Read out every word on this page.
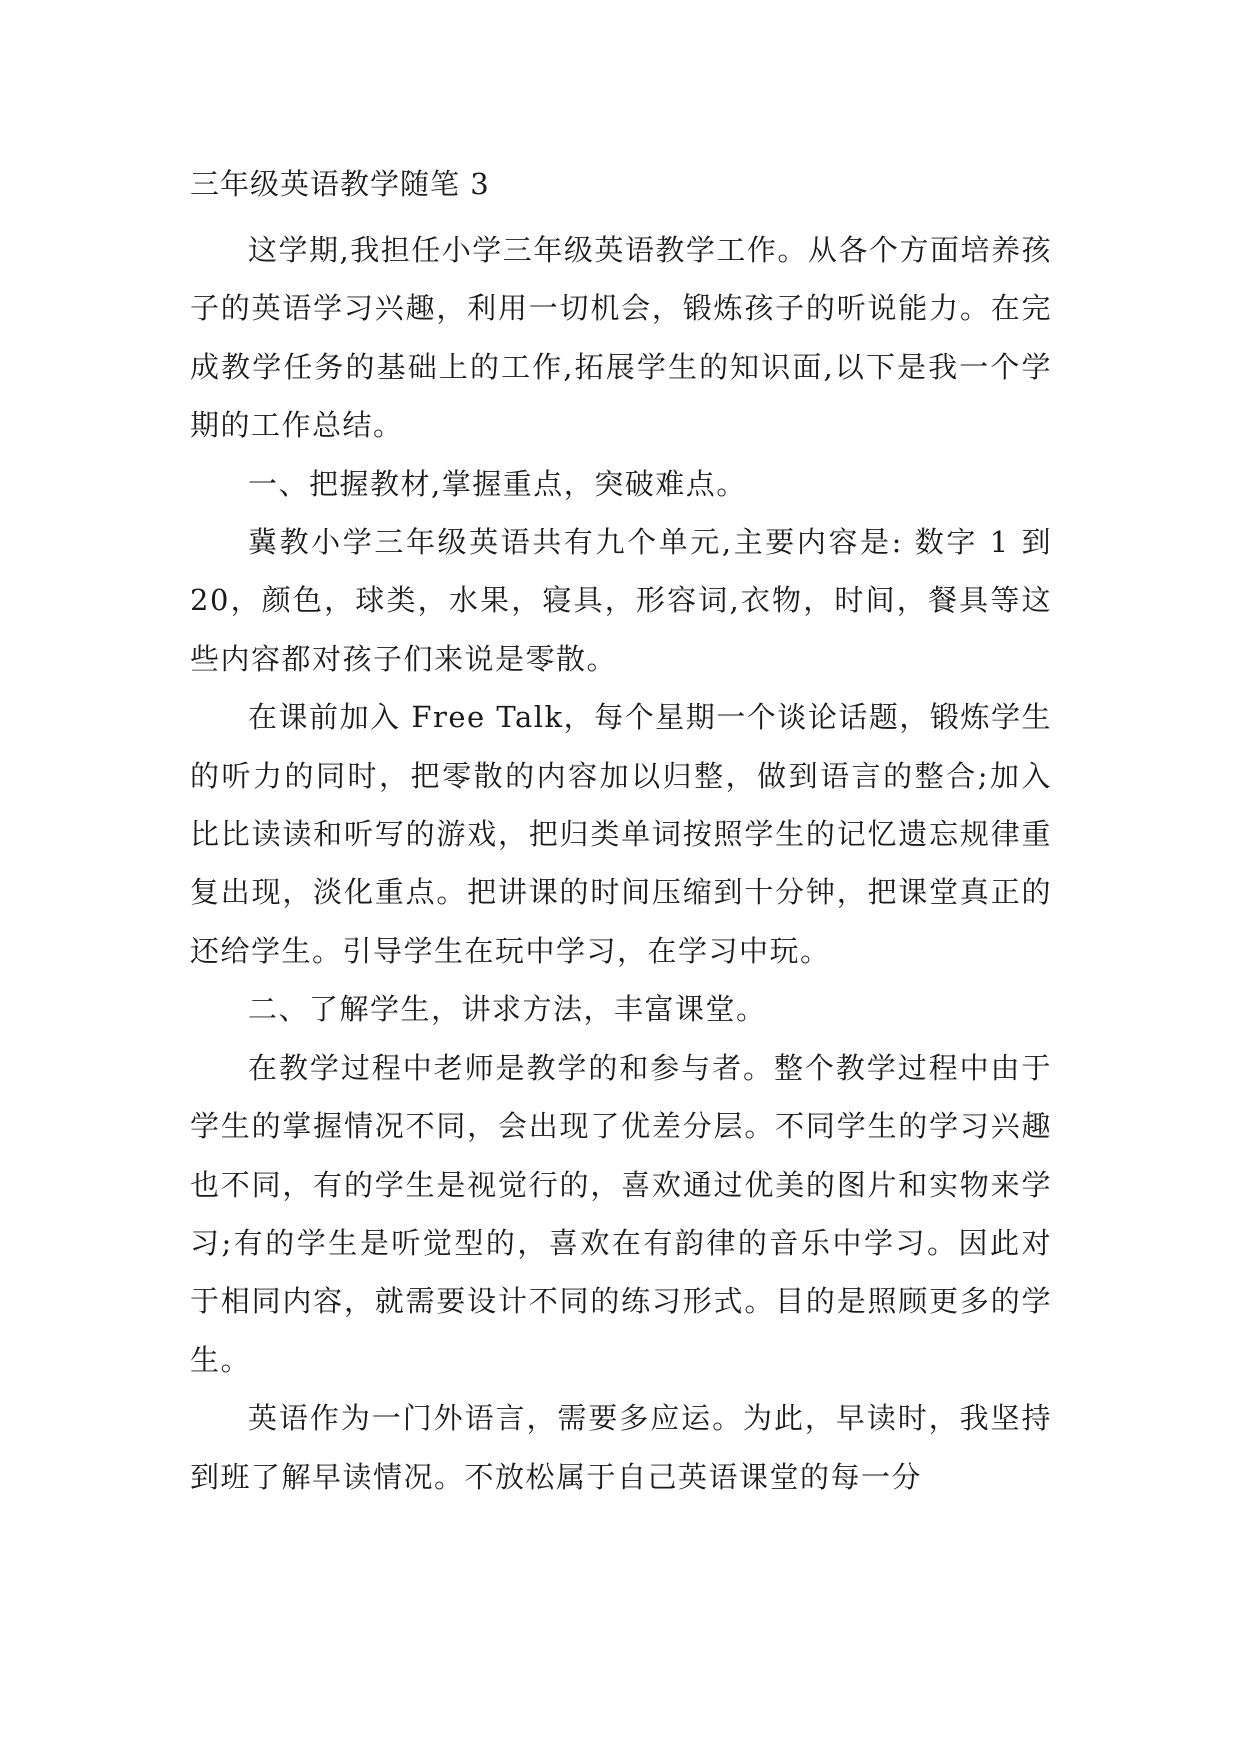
三年级英语教学随笔 3

这学期,我担任小学三年级英语教学工作。从各个方面培养孩子的英语学习兴趣，利用一切机会，锻炼孩子的听说能力。在完成教学任务的基础上的工作,拓展学生的知识面,以下是我一个学期的工作总结。

一、把握教材,掌握重点，突破难点。

冀教小学三年级英语共有九个单元,主要内容是: 数字 1 到 20，颜色，球类，水果，寝具，形容词,衣物，时间，餐具等这些内容都对孩子们来说是零散。

在课前加入 Free Talk，每个星期一个谈论话题，锻炼学生的听力的同时，把零散的内容加以归整，做到语言的整合;加入比比读读和听写的游戏，把归类单词按照学生的记忆遗忘规律重复出现，淡化重点。把讲课的时间压缩到十分钟，把课堂真正的还给学生。引导学生在玩中学习，在学习中玩。

二、了解学生，讲求方法，丰富课堂。

在教学过程中老师是教学的和参与者。整个教学过程中由于学生的掌握情况不同，会出现了优差分层。不同学生的学习兴趣也不同，有的学生是视觉行的，喜欢通过优美的图片和实物来学习;有的学生是听觉型的，喜欢在有韵律的音乐中学习。因此对于相同内容，就需要设计不同的练习形式。目的是照顾更多的学生。

英语作为一门外语言，需要多应运。为此，早读时，我坚持到班了解早读情况。不放松属于自己英语课堂的每一分
